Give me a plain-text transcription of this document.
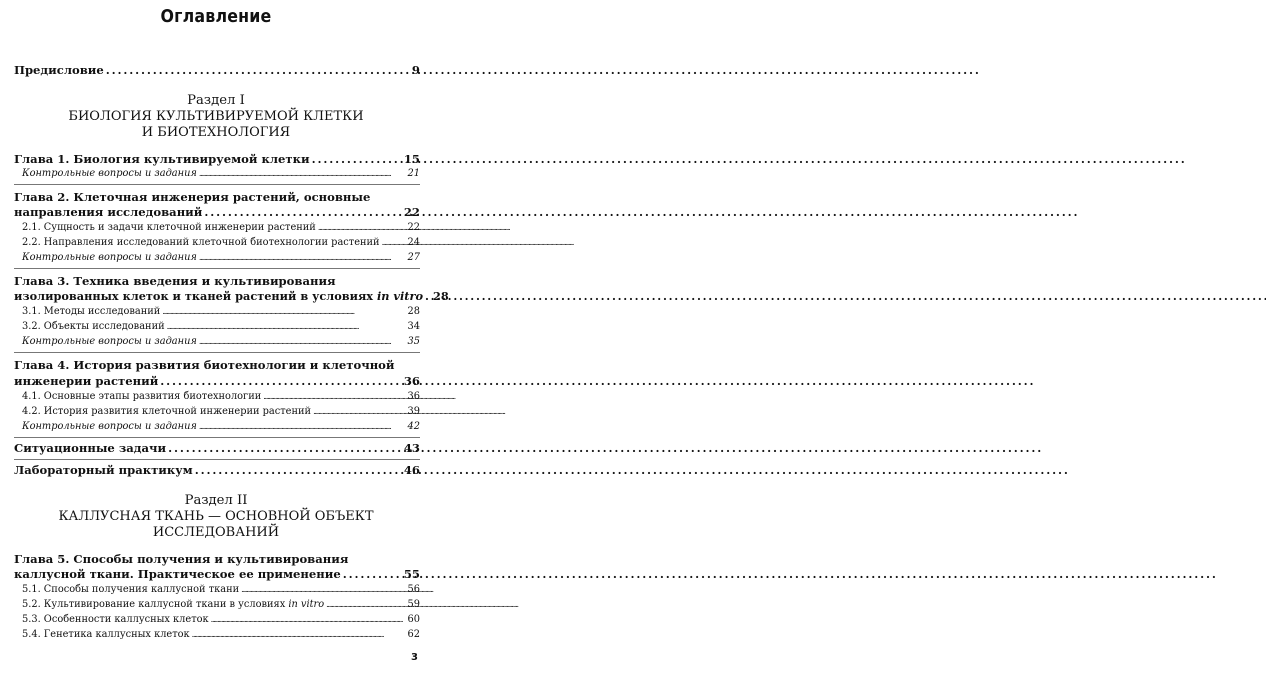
Оглавление
Предисловие . . .	9
Раздел I
БИОЛОГИЯ КУЛЬТИВИРУЕМОЙ КЛЕТКИ
И БИОТЕХНОЛОГИЯ
Глава 1. Биология культивируемой клетки . . .	15
Контрольные вопросы и задания . . .	21
Глава 2. Клеточная инженерия растений, основные
направления исследований . . .	22
2.1. Сущность и задачи клеточной инженерии растений . . .	22
2.2. Направления исследований клеточной биотехнологии растений . . .	24
Контрольные вопросы и задания . . .	27
Глава 3. Техника введения и культивирования
изолированных клеток и тканей растений в условиях in vitro . . . 28
3.1. Методы исследований . . .	28
3.2. Объекты исследований . . .	34
Контрольные вопросы и задания . . .	35
Глава 4. История развития биотехнологии и клеточной
инженерии растений . . .	36
4.1. Основные этапы развития биотехнологии . . .	36
4.2. История развития клеточной инженерии растений . . .	39
Контрольные вопросы и задания . . .	42
Ситуационные задачи . . .	43
Лабораторный практикум . . .	46
Раздел II
КАЛЛУСНАЯ ТКАНЬ — ОСНОВНОЙ ОБЪЕКТ
ИССЛЕДОВАНИЙ
Глава 5. Способы получения и культивирования
каллусной ткани. Практическое ее применение . . .	55
5.1. Способы получения каллусной ткани . . .	56
5.2. Культивирование каллусной ткани в условиях in vitro . . .	59
5.3. Особенности каллусных клеток . . .	60
5.4. Генетика каллусных клеток . . .	62
3
